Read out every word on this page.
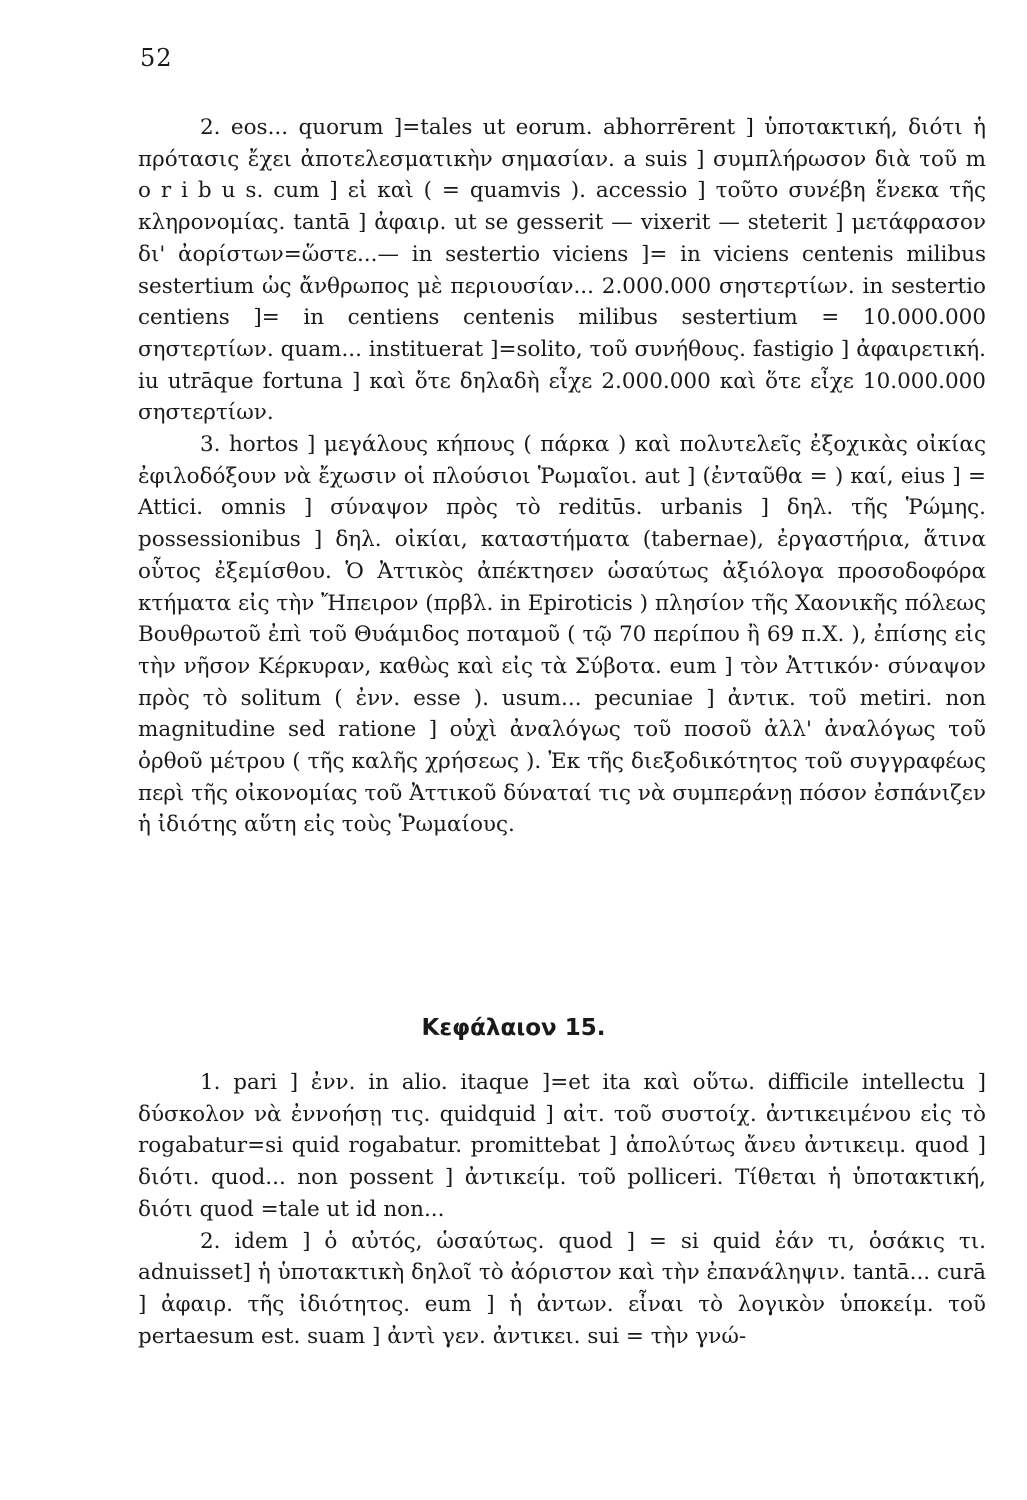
52

2. eos... quorum ]=tales ut eorum. abhorrērent ] ὑποτακτική, διότι ἡ πρότασις ἔχει ἀποτελεσματικὴν σημασίαν. a suis ] συμπλήρωσον διὰ τοῦ m o r i b u s. cum ] εἰ καὶ ( = quamvis ). accessio ] τοῦτο συνέβη ἕνεκα τῆς κληρονομίας. tantā ] ἀφαιρ. ut se gesserit — vixerit — steterit ] μετάφρασον δι' ἀορίστων=ὥστε...— in sestertio viciens ]= in viciens centenis milibus sestertium ὡς ἄνθρωπος μὲ περιουσίαν... 2.000.000 σηστερτίων. in sestertio centiens ]= in centiens centenis milibus sestertium = 10.000.000 σηστερτίων. quam... instituerat ]=solito, τοῦ συνήθους. fastigio ] ἀφαιρετική. iu utrāque fortuna ] καὶ ὅτε δηλαδὴ εἶχε 2.000.000 καὶ ὅτε εἶχε 10.000.000 σηστερτίων.

3. hortos ] μεγάλους κήπους ( πάρκα ) καὶ πολυτελεῖς ἐξοχικὰς οἰκίας ἐφιλοδόξουν νὰ ἔχωσιν οἱ πλούσιοι Ῥωμαῖοι. aut ] (ἐνταῦθα = ) καί, eius ] = Attici. omnis ] σύναψον πρὸς τὸ reditūs. urbanis ] δηλ. τῆς Ῥώμης. possessionibus ] δηλ. οἰκίαι, καταστήματα (tabernae), ἐργαστήρια, ἅτινα οὗτος ἐξεμίσθου. Ὁ Ἀττικὸς ἀπέκτησεν ὡσαύτως ἀξιόλογα προσοδοφόρα κτήματα εἰς τὴν Ἤπειρον (πρβλ. in Epiroticis ) πλησίον τῆς Χαονικῆς πόλεως Βουθρωτοῦ ἐπὶ τοῦ Θυάμιδος ποταμοῦ ( τῷ 70 περίπου ἢ 69 π.Χ. ), ἐπίσης εἰς τὴν νῆσον Κέρκυραν, καθὼς καὶ εἰς τὰ Σύβοτα. eum ] τὸν Ἀττικόν· σύναψον πρὸς τὸ solitum ( ἐνν. esse ). usum... pecuniae ] ἀντικ. τοῦ metiri. non magnitudine sed ratione ] οὐχὶ ἀναλόγως τοῦ ποσοῦ ἀλλ' ἀναλόγως τοῦ ὀρθοῦ μέτρου ( τῆς καλῆς χρήσεως ). Ἐκ τῆς διεξοδικότητος τοῦ συγγραφέως περὶ τῆς οἰκονομίας τοῦ Ἀττικοῦ δύναταί τις νὰ συμπεράνῃ πόσον ἐσπάνιζεν ἡ ἰδιότης αὕτη εἰς τοὺς Ῥωμαίους.

Κεφάλαιον 15.

1. pari ] ἐνν. in alio. itaque ]=et ita καὶ οὕτω. difficile intellectu ] δύσκολον νὰ ἐννοήσῃ τις. quidquid ] αἰτ. τοῦ συστοίχ. ἀντικειμένου εἰς τὸ rogabatur=si quid rogabatur. promittebat ] ἀπολύτως ἄνευ ἀντικειμ. quod ] διότι. quod... non possent ] ἀντικείμ. τοῦ polliceri. Τίθεται ἡ ὑποτακτική, διότι quod =tale ut id non...

2. idem ] ὁ αὐτός, ὡσαύτως. quod ] = si quid ἐάν τι, ὁσάκις τι. adnuisset] ἡ ὑποτακτικὴ δηλοῖ τὸ ἀόριστον καὶ τὴν ἐπανάληψιν. tantā... curā ] ἀφαιρ. τῆς ἰδιότητος. eum ] ἡ ἀντων. εἶναι τὸ λογικὸν ὑποκείμ. τοῦ pertaesum est. suam ] ἀντὶ γεν. ἀντικει. sui = τὴν γνώ-
